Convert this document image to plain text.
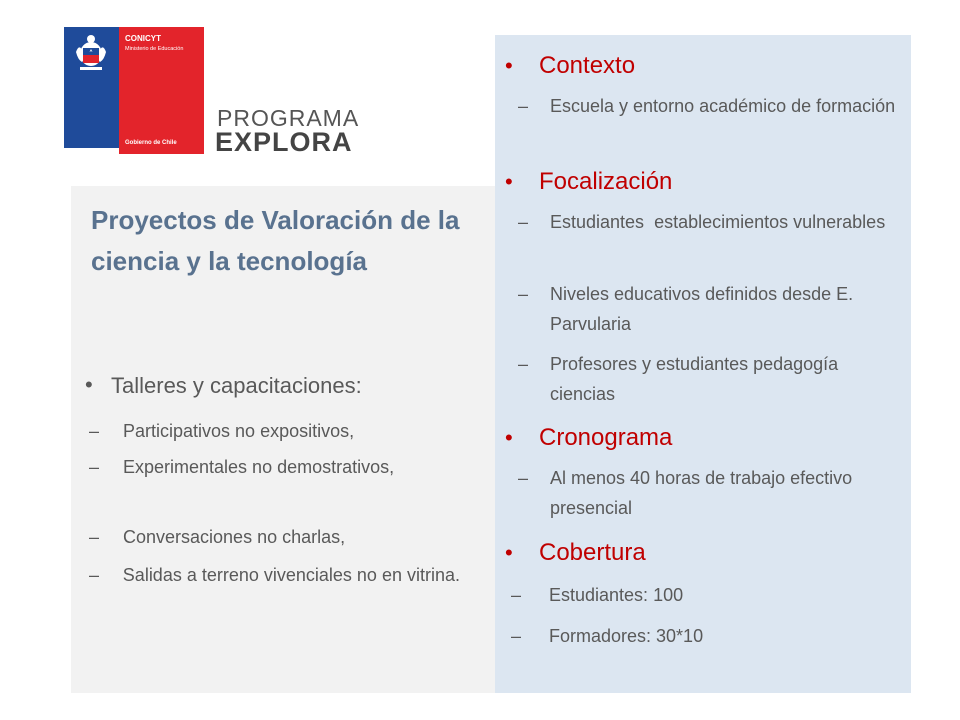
CONICYT
Ministerio de Educación
Gobierno de Chile
PROGRAMA
EXPLORA
Proyectos de Valoración de la ciencia y la tecnología
• Talleres y capacitaciones:
–	Participativos no expositivos,
–	Experimentales no demostrativos,
–	Conversaciones no charlas,
–	Salidas a terreno vivenciales no en vitrina.
• Contexto
–	Escuela y entorno académico de formación
• Focalización
–	Estudiantes  establecimientos vulnerables
–	Niveles educativos definidos desde E. Parvularia
–	Profesores y estudiantes pedagogía ciencias
• Cronograma
–	Al menos 40 horas de trabajo efectivo presencial
• Cobertura
–	Estudiantes: 100
–	Formadores: 30*10
